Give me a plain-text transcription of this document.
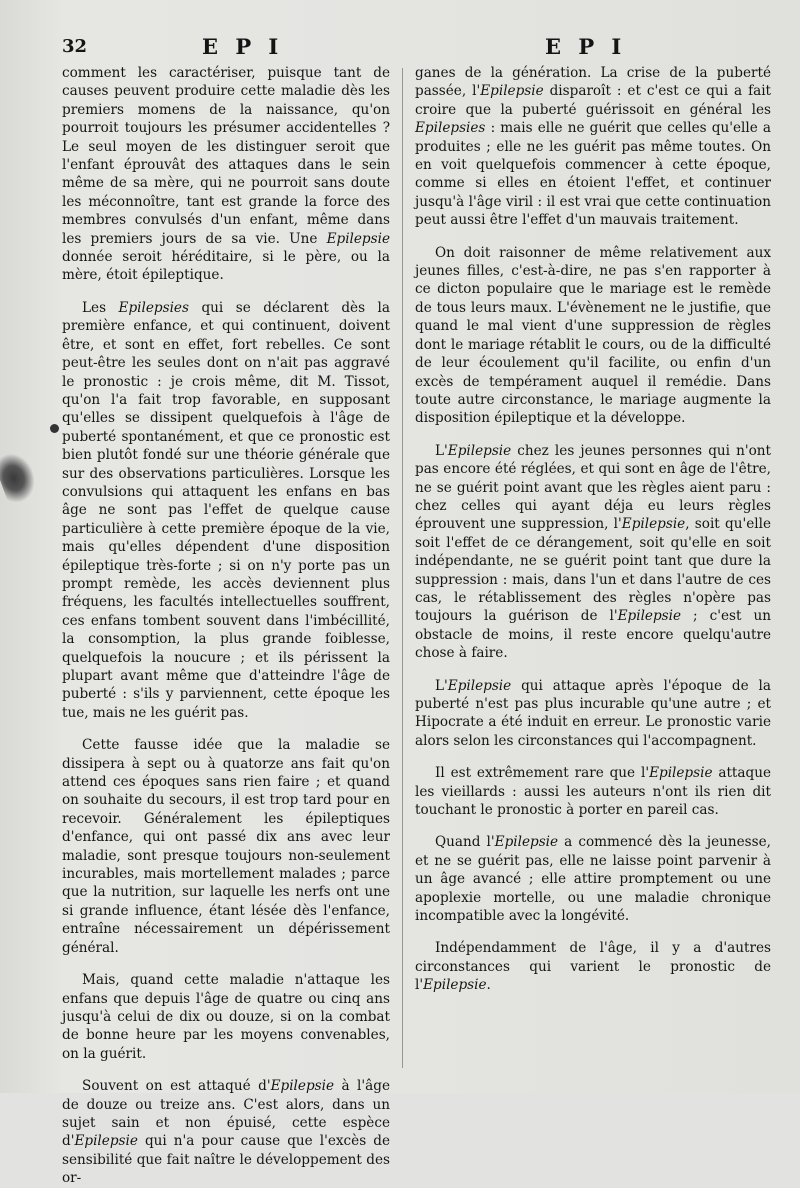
32	E P I	E P I

comment les caractériser, puisque tant de causes peuvent produire cette maladie dès les premiers momens de la naissance, qu'on pourroit toujours les présumer accidentelles ? Le seul moyen de les distinguer seroit que l'enfant éprouvât des attaques dans le sein même de sa mère, qui ne pourroit sans doute les méconnoître, tant est grande la force des membres convulsés d'un enfant, même dans les premiers jours de sa vie. Une Epilepsie donnée seroit héréditaire, si le père, ou la mère, étoit épileptique.

Les Epilepsies qui se déclarent dès la première enfance, et qui continuent, doivent être, et sont en effet, fort rebelles. Ce sont peut-être les seules dont on n'ait pas aggravé le pronostic : je crois même, dit M. Tissot, qu'on l'a fait trop favorable, en supposant qu'elles se dissipent quelquefois à l'âge de puberté spontanément, et que ce pronostic est bien plutôt fondé sur une théorie générale que sur des observations particulières. Lorsque les convulsions qui attaquent les enfans en bas âge ne sont pas l'effet de quelque cause particulière à cette première époque de la vie, mais qu'elles dépendent d'une disposition épileptique très-forte ; si on n'y porte pas un prompt remède, les accès deviennent plus fréquens, les facultés intellectuelles souffrent, ces enfans tombent souvent dans l'imbécillité, la consomption, la plus grande foiblesse, quelquefois la noucure ; et ils périssent la plupart avant même que d'atteindre l'âge de puberté : s'ils y parviennent, cette époque les tue, mais ne les guérit pas.

Cette fausse idée que la maladie se dissipera à sept ou à quatorze ans fait qu'on attend ces époques sans rien faire ; et quand on souhaite du secours, il est trop tard pour en recevoir. Généralement les épileptiques d'enfance, qui ont passé dix ans avec leur maladie, sont presque toujours non-seulement incurables, mais mortellement malades ; parce que la nutrition, sur laquelle les nerfs ont une si grande influence, étant lésée dès l'enfance, entraîne nécessairement un dépérissement général.

Mais, quand cette maladie n'attaque les enfans que depuis l'âge de quatre ou cinq ans jusqu'à celui de dix ou douze, si on la combat de bonne heure par les moyens convenables, on la guérit.

Souvent on est attaqué d'Epilepsie à l'âge de douze ou treize ans. C'est alors, dans un sujet sain et non épuisé, cette espèce d'Epilepsie qui n'a pour cause que l'excès de sensibilité que fait naître le développement des or-

ganes de la génération. La crise de la puberté passée, l'Epilepsie disparoît : et c'est ce qui a fait croire que la puberté guérissoit en général les Epilepsies : mais elle ne guérit que celles qu'elle a produites ; elle ne les guérit pas même toutes. On en voit quelquefois commencer à cette époque, comme si elles en étoient l'effet, et continuer jusqu'à l'âge viril : il est vrai que cette continuation peut aussi être l'effet d'un mauvais traitement.

On doit raisonner de même relativement aux jeunes filles, c'est-à-dire, ne pas s'en rapporter à ce dicton populaire que le mariage est le remède de tous leurs maux. L'évènement ne le justifie, que quand le mal vient d'une suppression de règles dont le mariage rétablit le cours, ou de la difficulté de leur écoulement qu'il facilite, ou enfin d'un excès de tempérament auquel il remédie. Dans toute autre circonstance, le mariage augmente la disposition épileptique et la développe.

L'Epilepsie chez les jeunes personnes qui n'ont pas encore été réglées, et qui sont en âge de l'être, ne se guérit point avant que les règles aient paru : chez celles qui ayant déja eu leurs règles éprouvent une suppression, l'Epilepsie, soit qu'elle soit l'effet de ce dérangement, soit qu'elle en soit indépendante, ne se guérit point tant que dure la suppression : mais, dans l'un et dans l'autre de ces cas, le rétablissement des règles n'opère pas toujours la guérison de l'Epilepsie ; c'est un obstacle de moins, il reste encore quelqu'autre chose à faire.

L'Epilepsie qui attaque après l'époque de la puberté n'est pas plus incurable qu'une autre ; et Hipocrate a été induit en erreur. Le pronostic varie alors selon les circonstances qui l'accompagnent.

Il est extrêmement rare que l'Epilepsie attaque les vieillards : aussi les auteurs n'ont ils rien dit touchant le pronostic à porter en pareil cas.

Quand l'Epilepsie a commencé dès la jeunesse, et ne se guérit pas, elle ne laisse point parvenir à un âge avancé ; elle attire promptement ou une apoplexie mortelle, ou une maladie chronique incompatible avec la longévité.

Indépendamment de l'âge, il y a d'autres circonstances qui varient le pronostic de l'Epilepsie.
